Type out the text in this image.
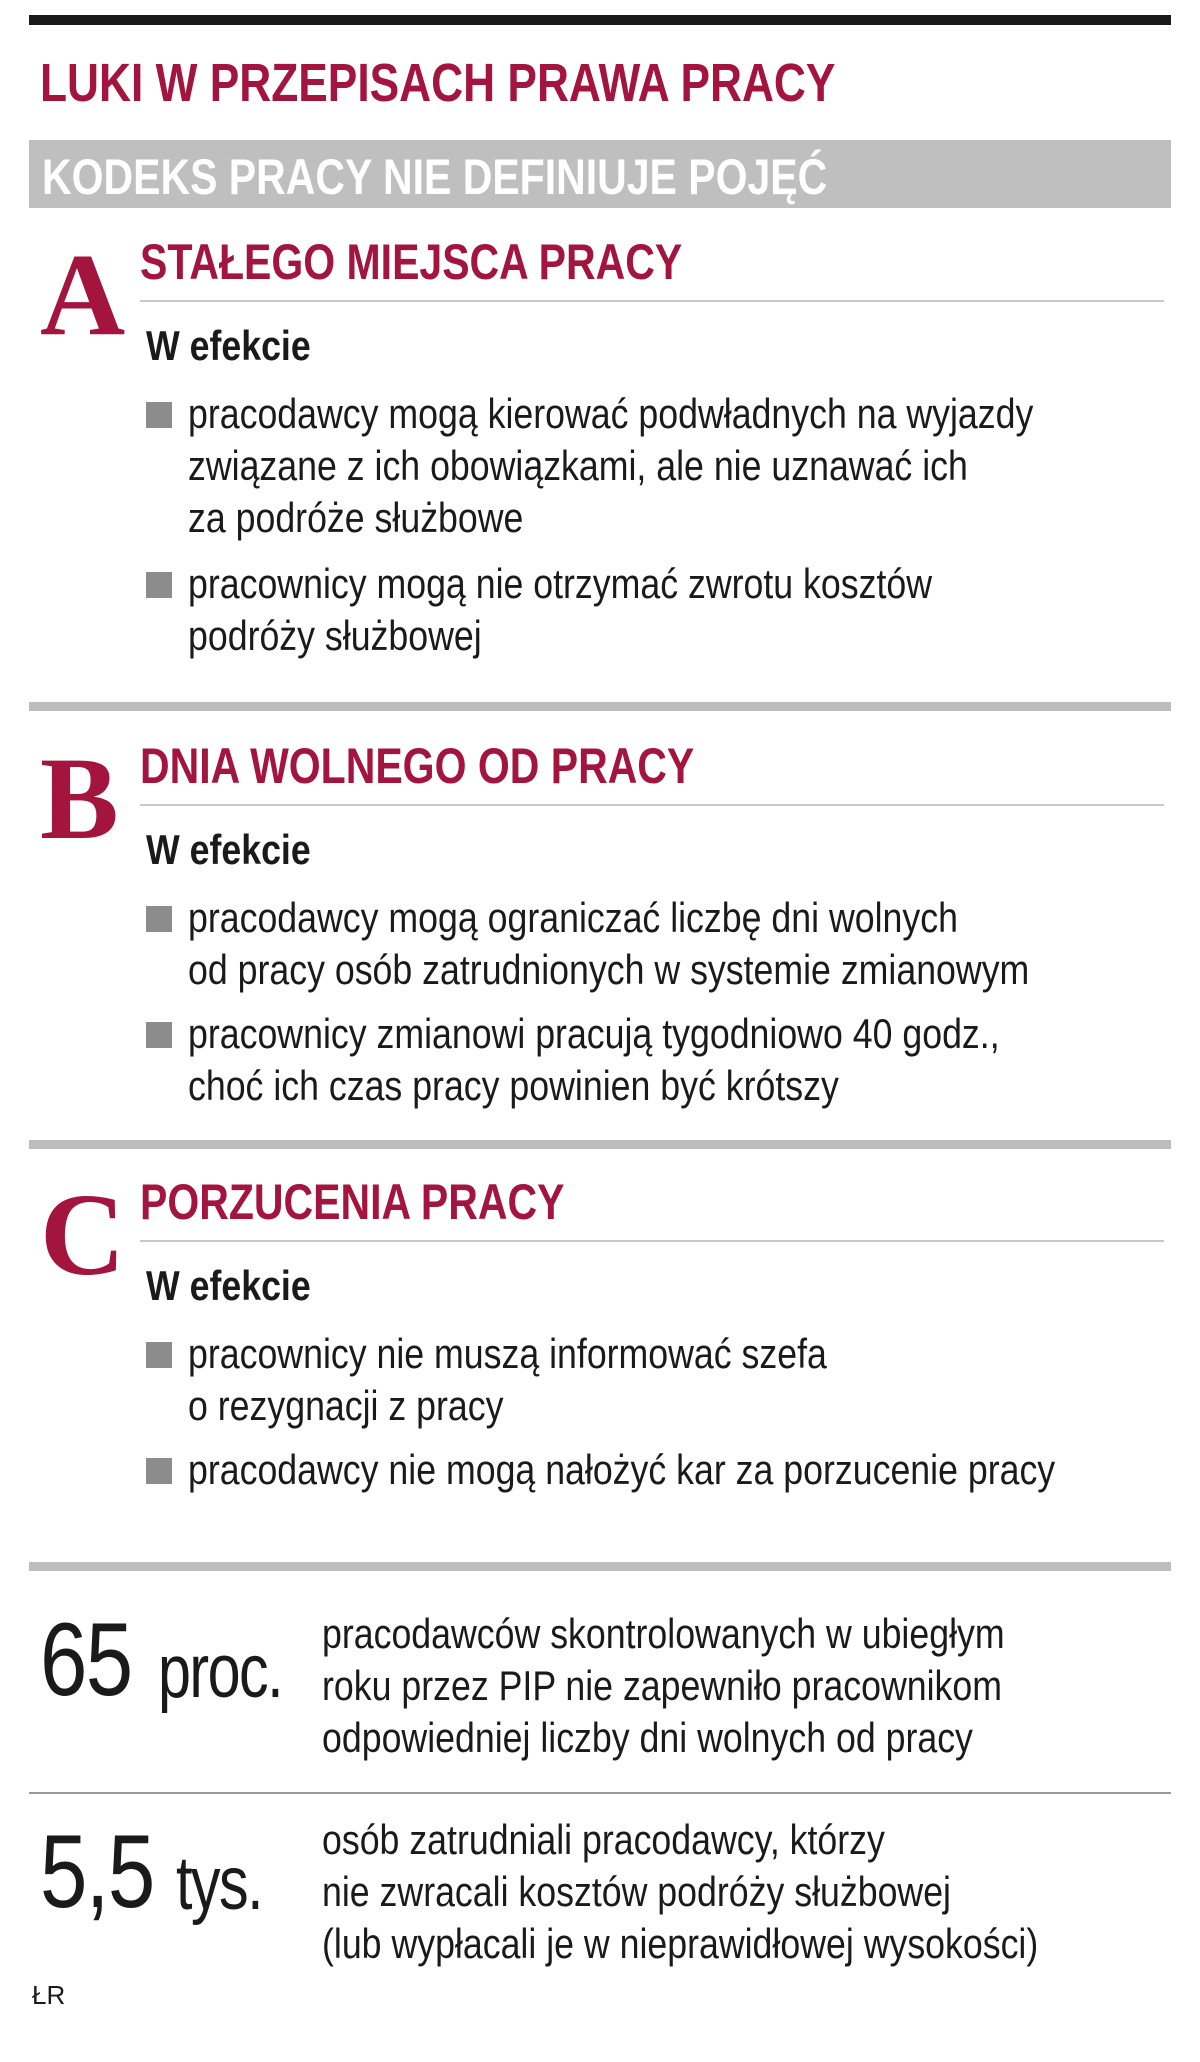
LUKI W PRZEPISACH PRAWA PRACY
KODEKS PRACY NIE DEFINIUJE POJĘĆ
A STAŁEGO MIEJSCA PRACY
W efekcie
pracodawcy mogą kierować podwładnych na wyjazdy
związane z ich obowiązkami, ale nie uznawać ich
za podróże służbowe
pracownicy mogą nie otrzymać zwrotu kosztów
podróży służbowej
B DNIA WOLNEGO OD PRACY
W efekcie
pracodawcy mogą ograniczać liczbę dni wolnych
od pracy osób zatrudnionych w systemie zmianowym
pracownicy zmianowi pracują tygodniowo 40 godz.,
choć ich czas pracy powinien być krótszy
C PORZUCENIA PRACY
W efekcie
pracownicy nie muszą informować szefa
o rezygnacji z pracy
pracodawcy nie mogą nałożyć kar za porzucenie pracy
65 proc. pracodawców skontrolowanych w ubiegłym
roku przez PIP nie zapewniło pracownikom
odpowiedniej liczby dni wolnych od pracy
5,5 tys.
osób zatrudniali pracodawcy, którzy
nie zwracali kosztów podróży służbowej
(lub wypłacali je w nieprawidłowej wysokości)
ŁR
